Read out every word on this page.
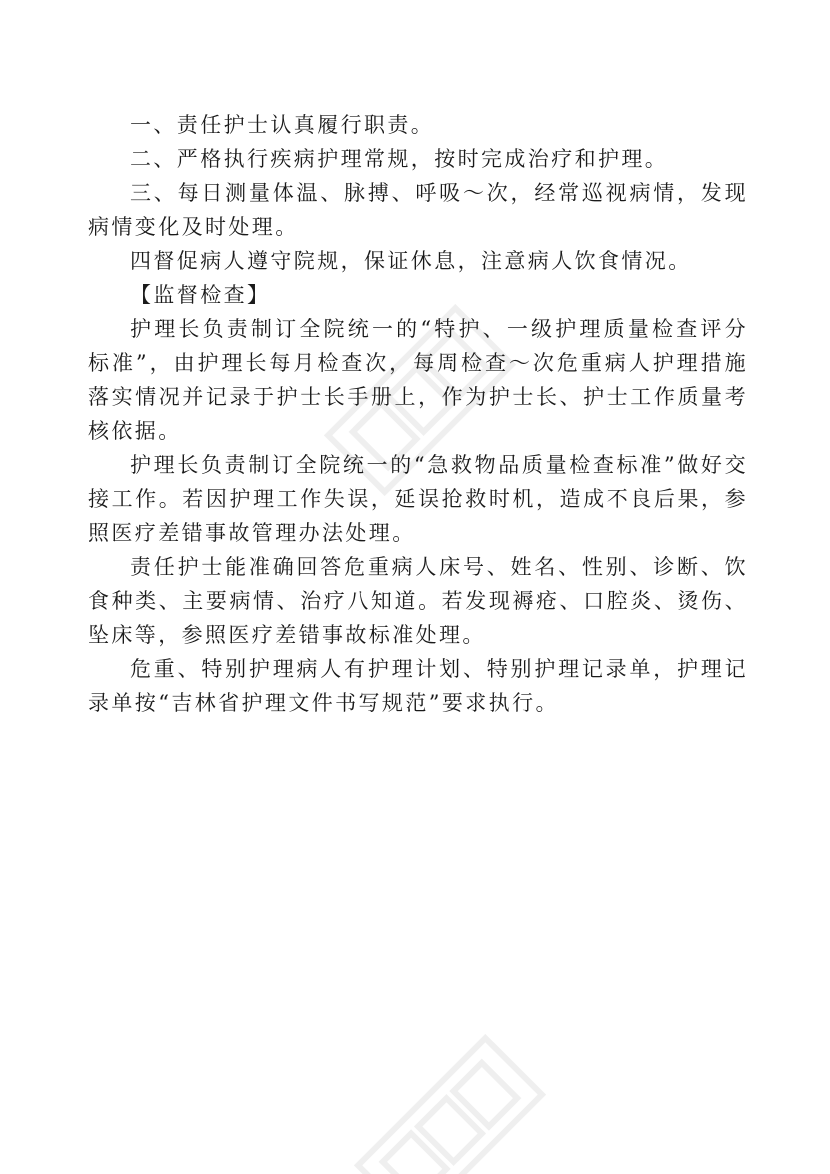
一、责任护士认真履行职责。

二、严格执行疾病护理常规，按时完成治疗和护理。

三、每日测量体温、脉搏、呼吸～次，经常巡视病情，发现病情变化及时处理。

四督促病人遵守院规，保证休息，注意病人饮食情况。

【监督检查】

护理长负责制订全院统一的“特护、一级护理质量检查评分标准”，由护理长每月检查次，每周检查～次危重病人护理措施落实情况并记录于护士长手册上，作为护士长、护士工作质量考核依据。

护理长负责制订全院统一的“急救物品质量检查标准”做好交接工作。若因护理工作失误，延误抢救时机，造成不良后果，参照医疗差错事故管理办法处理。

责任护士能准确回答危重病人床号、姓名、性别、诊断、饮食种类、主要病情、治疗八知道。若发现褥疮、口腔炎、烫伤、坠床等，参照医疗差错事故标准处理。

危重、特别护理病人有护理计划、特别护理记录单，护理记录单按“吉林省护理文件书写规范”要求执行。
